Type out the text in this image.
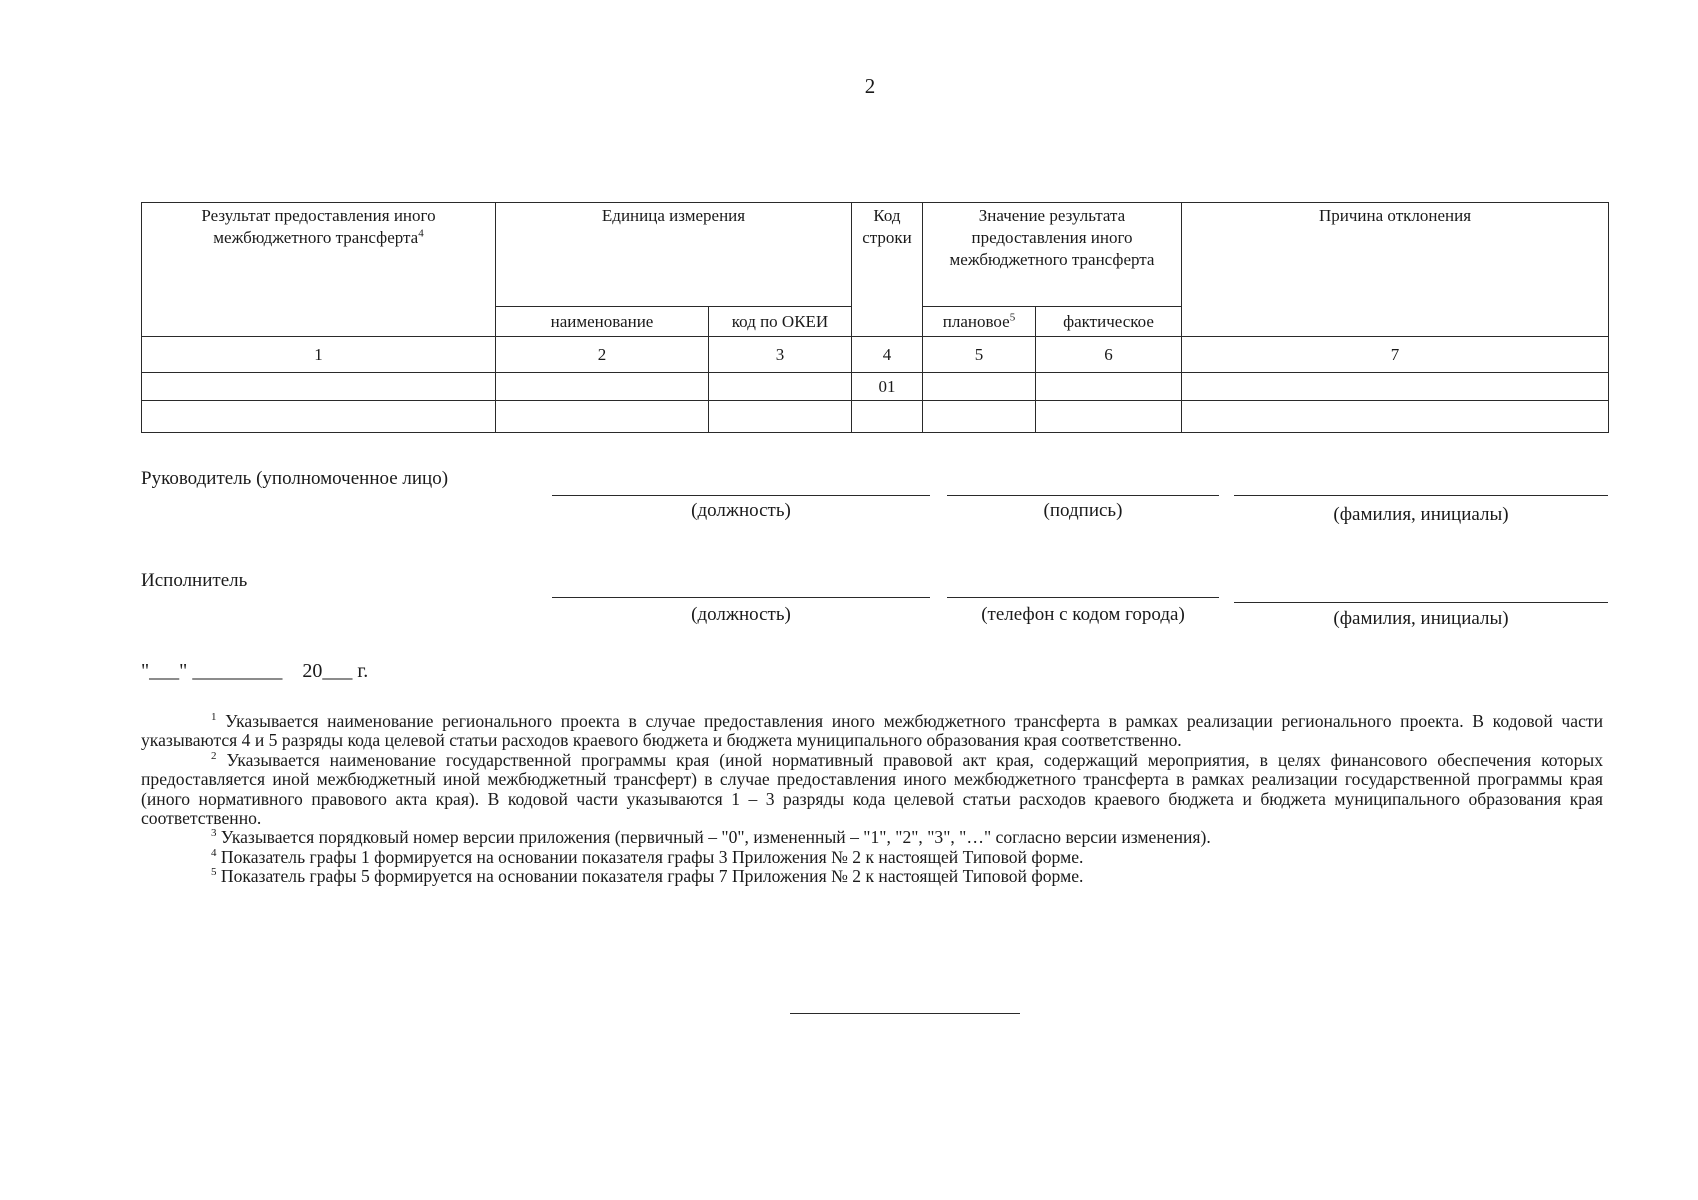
2
Результат предоставления иного межбюджетного трансферта$^4$	Единица измерения		Код строки	Значение результата предоставления иного межбюджетного трансферта		Причина отклонения
	наименование	код по ОКЕИ		плановое$^5$	фактическое	
1	2	3	4	5	6	7
			01			

Руководитель (уполномоченное лицо)
(должность)	(подпись)	(фамилия, инициалы)
Исполнитель
(должность)	(телефон с кодом города)	(фамилия, инициалы)
"___" _________    20___ г.

$^1$ Указывается наименование регионального проекта в случае предоставления иного межбюджетного трансферта в рамках реализации регионального проекта. В кодовой части указываются 4 и 5 разряды кода целевой статьи расходов краевого бюджета и бюджета муниципального образования края соответственно.

$^2$ Указывается наименование государственной программы края (иной нормативный правовой акт края, содержащий мероприятия, в целях финансового обеспечения которых предоставляется иной межбюджетный иной межбюджетный трансферт) в случае предоставления иного межбюджетного трансферта в рамках реализации государственной программы края (иного нормативного правового акта края). В кодовой части указываются 1 – 3 разряды кода целевой статьи расходов краевого бюджета и бюджета муниципального образования края соответственно.

$^3$ Указывается порядковый номер версии приложения (первичный – "0", измененный – "1", "2", "3", "…" согласно версии изменения).

$^4$ Показатель графы 1 формируется на основании показателя графы 3 Приложения № 2 к настоящей Типовой форме.

$^5$ Показатель графы 5 формируется на основании показателя графы 7 Приложения № 2 к настоящей Типовой форме.
